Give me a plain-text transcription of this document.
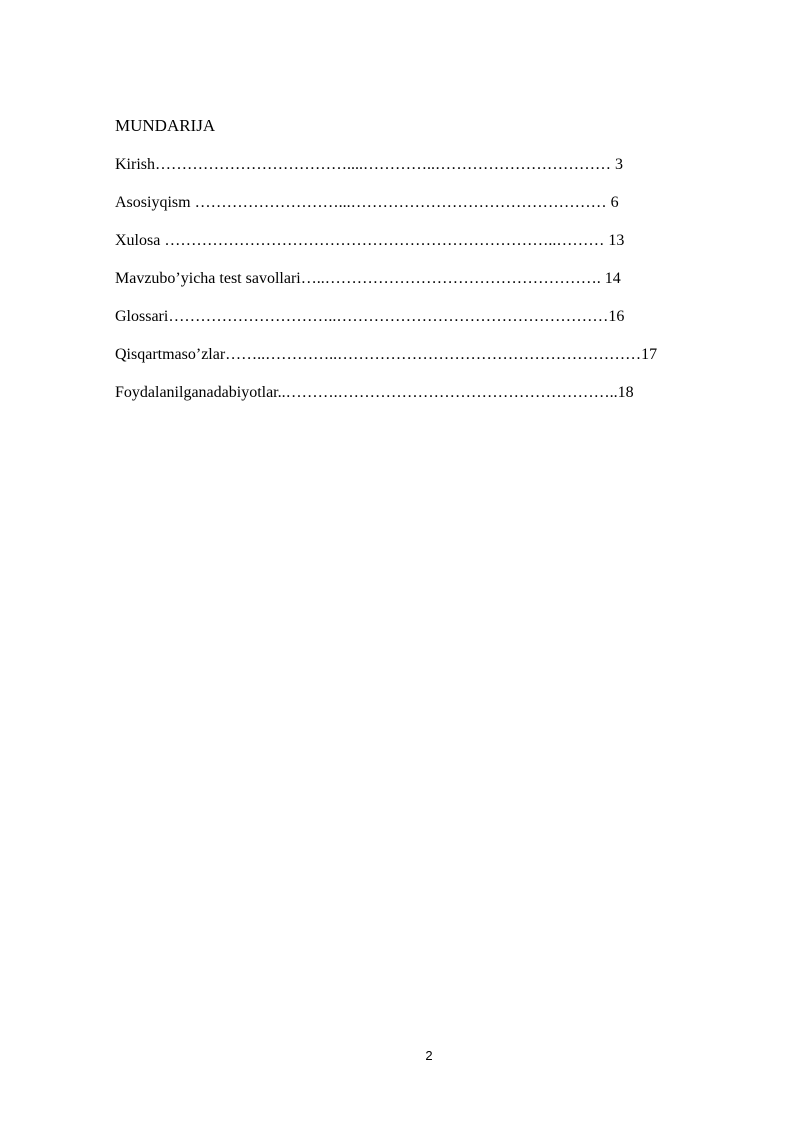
MUNDARIJA
Kirish………………………………....…………..…………………………… 3
Asosiyqism ………………………...………………………………………… 6
Xulosa ………………………………………………………………..……… 13
Mavzubo’yicha test savollari…..……………………………………………. 14
Glossari…………………………..……………………………………………16
Qisqartmaso’zlar……..…………..…………………………………………………17
Foydalanilganadabiyotlar..……….……………………………………………..18
2
